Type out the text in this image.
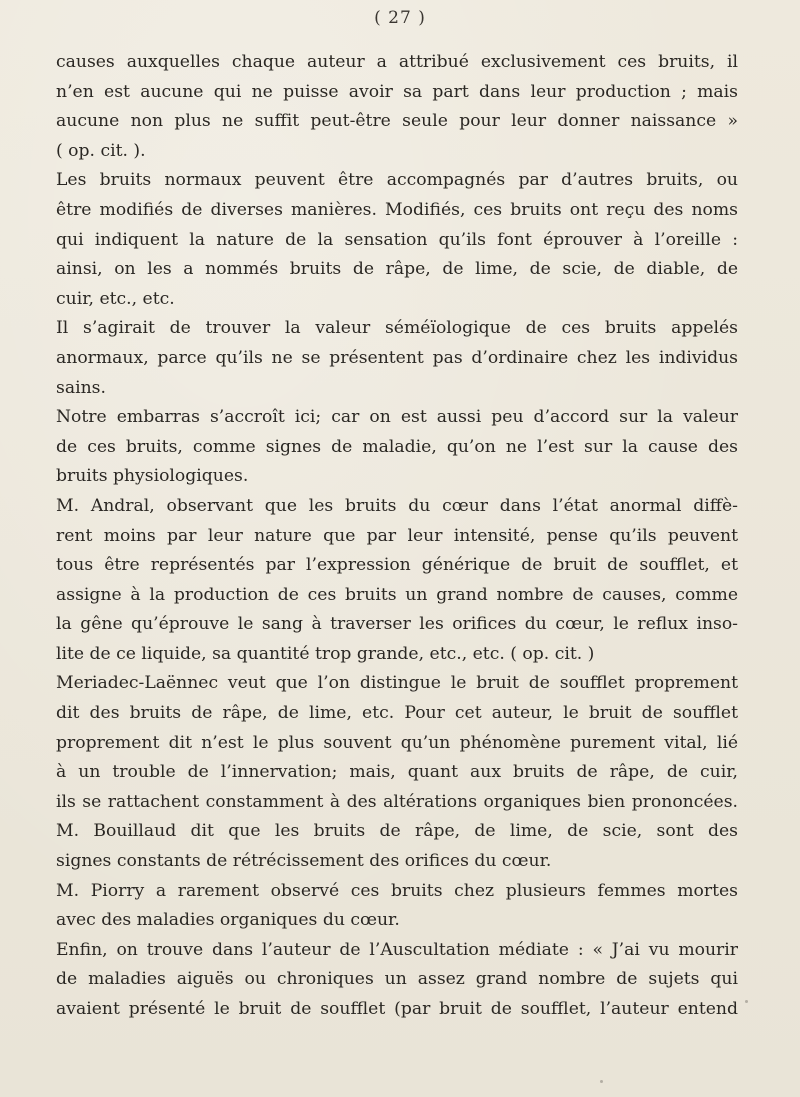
( 27 )
causes auxquelles chaque auteur a attribué exclusivement ces bruits, il
n’en est aucune qui ne puisse avoir sa part dans leur production ; mais
aucune non plus ne suffit peut-être seule pour leur donner naissance »
( op. cit. ).
Les bruits normaux peuvent être accompagnés par d’autres bruits, ou
être modifiés de diverses manières. Modifiés, ces bruits ont reçu des noms
qui indiquent la nature de la sensation qu’ils font éprouver à l’oreille :
ainsi, on les a nommés bruits de râpe, de lime, de scie, de diable, de
cuir, etc., etc.
Il s’agirait de trouver la valeur séméïologique de ces bruits appelés
anormaux, parce qu’ils ne se présentent pas d’ordinaire chez les individus
sains.
Notre embarras s’accroît ici; car on est aussi peu d’accord sur la valeur
de ces bruits, comme signes de maladie, qu’on ne l’est sur la cause des
bruits physiologiques.
M. Andral, observant que les bruits du cœur dans l’état anormal diffè-
rent moins par leur nature que par leur intensité, pense qu’ils peuvent
tous être représentés par l’expression générique de bruit de soufflet, et
assigne à la production de ces bruits un grand nombre de causes, comme
la gêne qu’éprouve le sang à traverser les orifices du cœur, le reflux inso-
lite de ce liquide, sa quantité trop grande, etc., etc. ( op. cit. )
Meriadec-Laënnec veut que l’on distingue le bruit de soufflet proprement
dit des bruits de râpe, de lime, etc. Pour cet auteur, le bruit de soufflet
proprement dit n’est le plus souvent qu’un phénomène purement vital, lié
à un trouble de l’innervation; mais, quant aux bruits de râpe, de cuir,
ils se rattachent constamment à des altérations organiques bien prononcées.
M. Bouillaud dit que les bruits de râpe, de lime, de scie, sont des
signes constants de rétrécissement des orifices du cœur.
M. Piorry a rarement observé ces bruits chez plusieurs femmes mortes
avec des maladies organiques du cœur.
Enfin, on trouve dans l’auteur de l’Auscultation médiate : « J’ai vu mourir
de maladies aiguës ou chroniques un assez grand nombre de sujets qui
avaient présenté le bruit de soufflet (par bruit de soufflet, l’auteur entend
